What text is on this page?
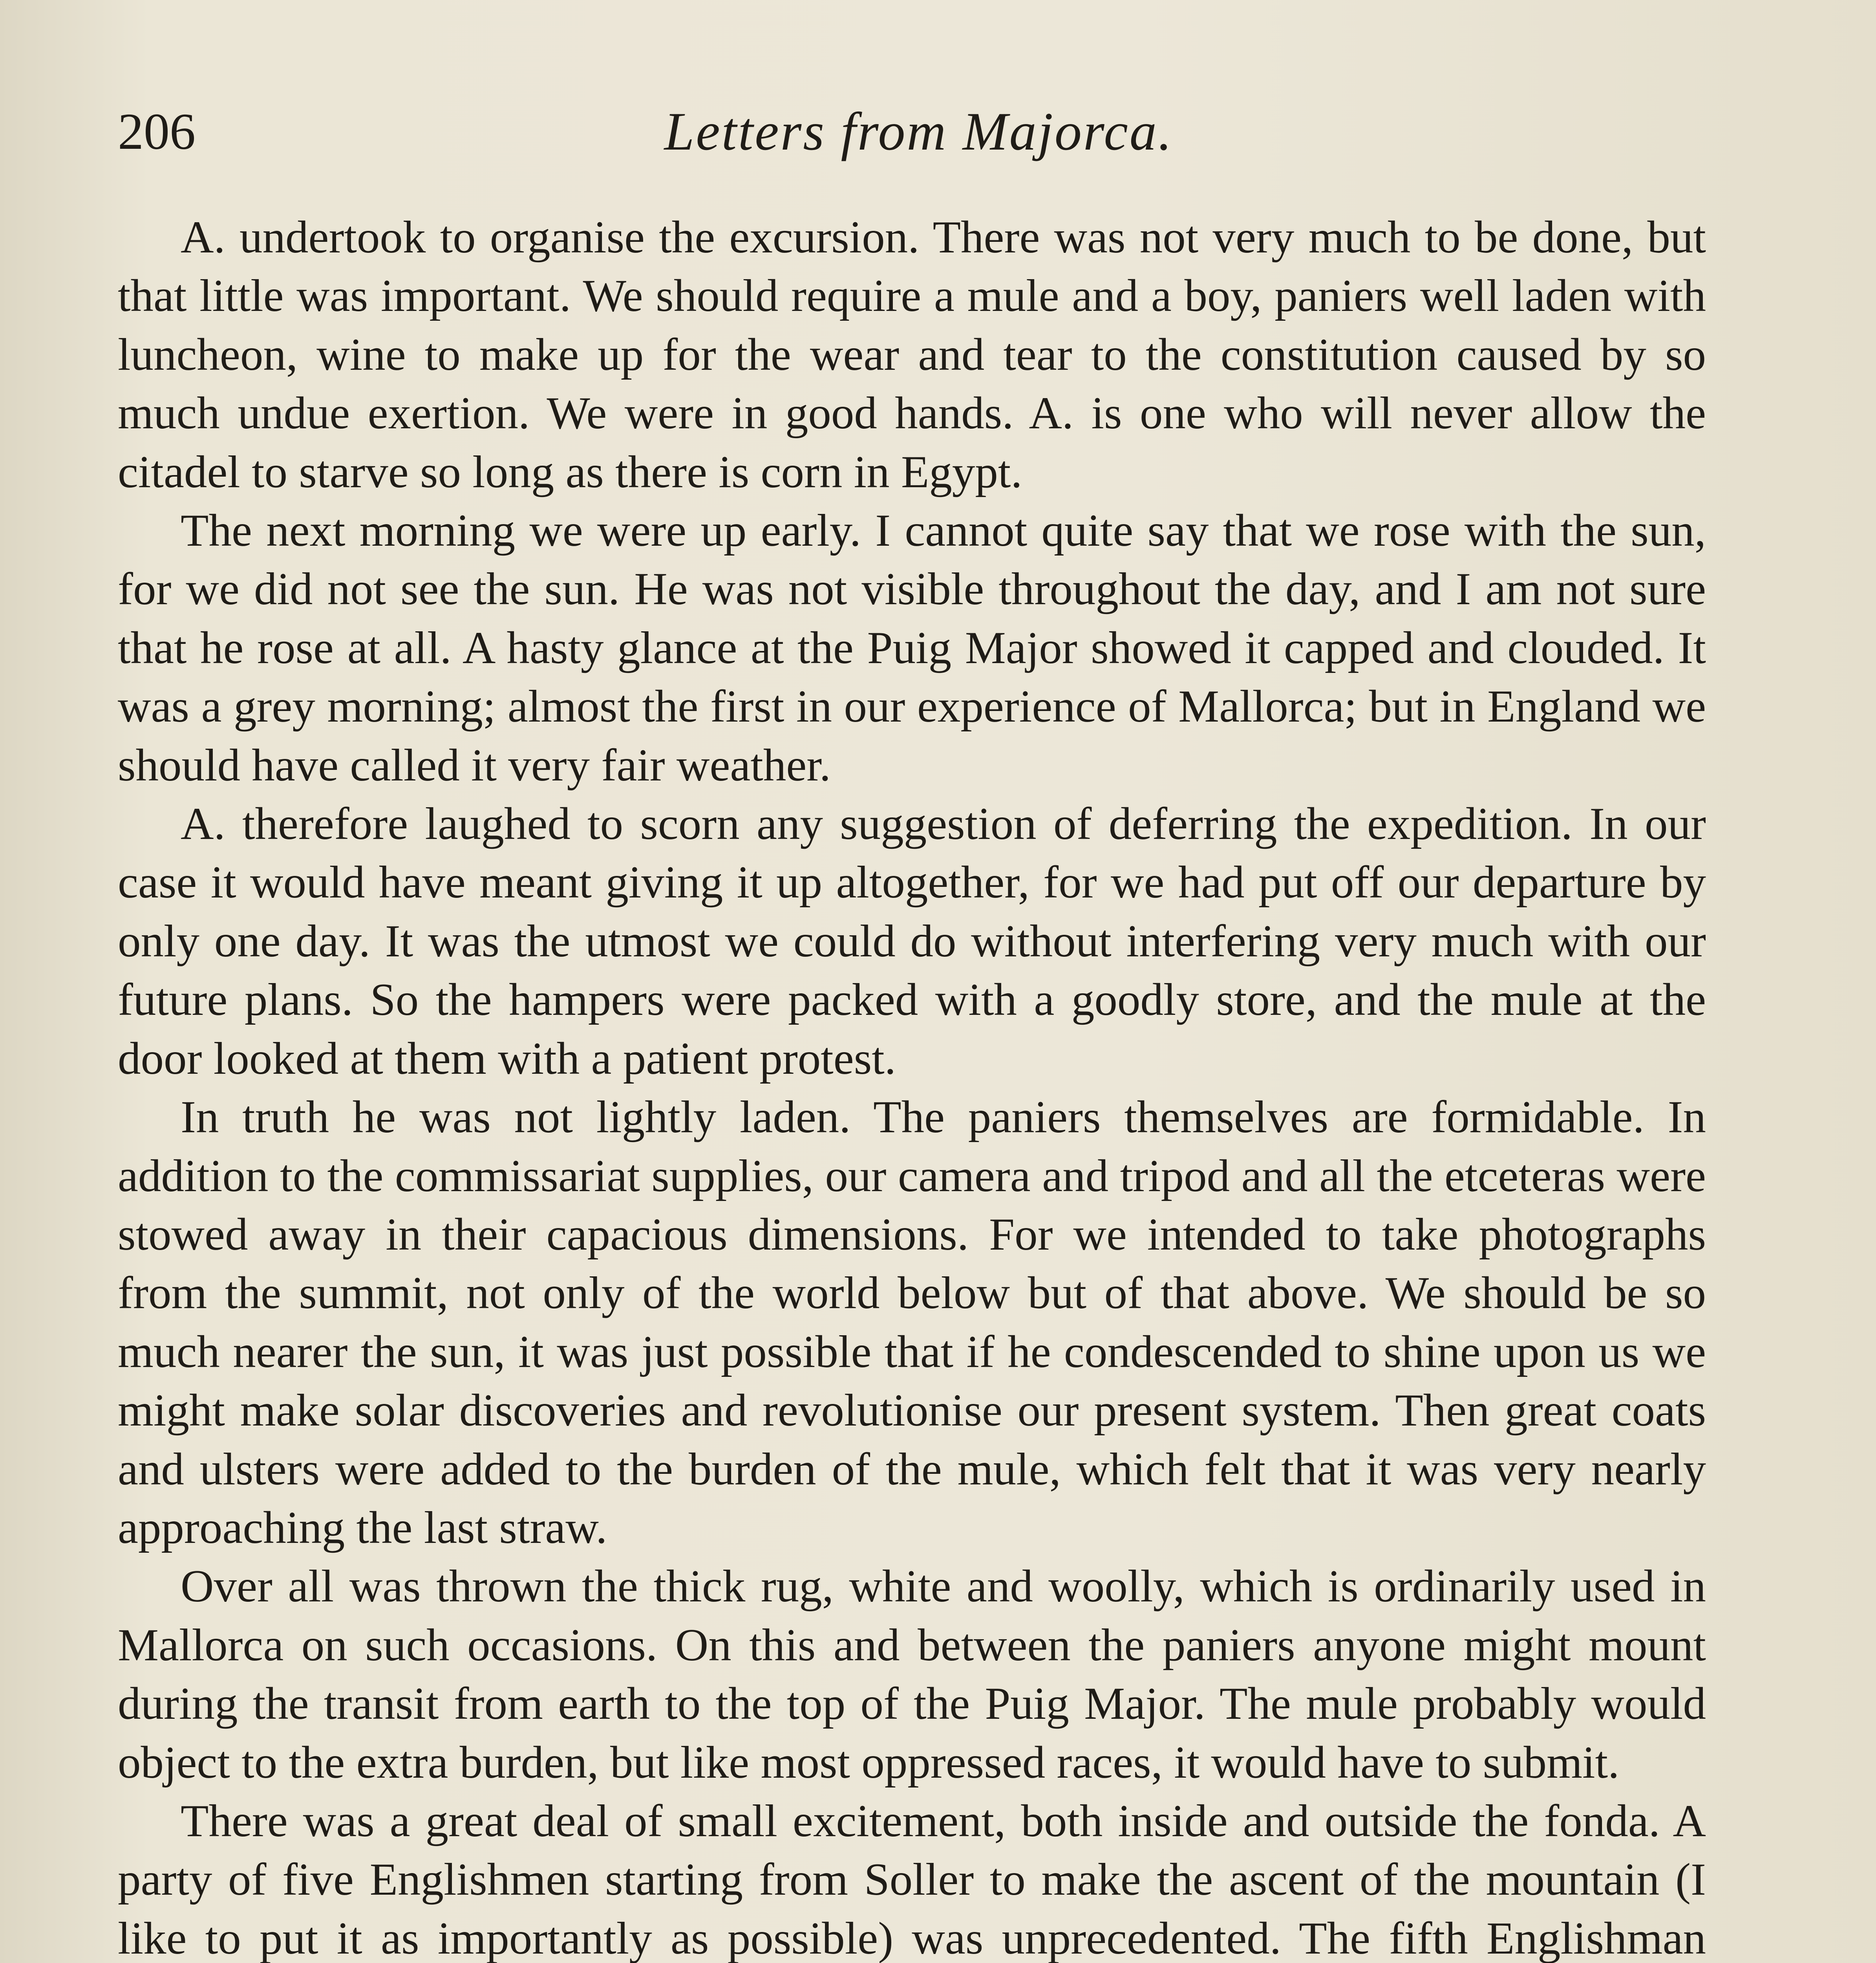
206	Letters from Majorca.

A. undertook to organise the excursion. There was not very much to be done, but that little was important. We should require a mule and a boy, paniers well laden with luncheon, wine to make up for the wear and tear to the constitution caused by so much undue exertion. We were in good hands. A. is one who will never allow the citadel to starve so long as there is corn in Egypt.

The next morning we were up early. I cannot quite say that we rose with the sun, for we did not see the sun. He was not visible throughout the day, and I am not sure that he rose at all. A hasty glance at the Puig Major showed it capped and clouded. It was a grey morning; almost the first in our experience of Mallorca; but in England we should have called it very fair weather.

A. therefore laughed to scorn any suggestion of deferring the expedition. In our case it would have meant giving it up altogether, for we had put off our departure by only one day. It was the utmost we could do without interfering very much with our future plans. So the hampers were packed with a goodly store, and the mule at the door looked at them with a patient protest.

In truth he was not lightly laden. The paniers themselves are formidable. In addition to the commissariat supplies, our camera and tripod and all the etceteras were stowed away in their capacious dimensions. For we intended to take photographs from the summit, not only of the world below but of that above. We should be so much nearer the sun, it was just possible that if he condescended to shine upon us we might make solar discoveries and revolutionise our present system. Then great coats and ulsters were added to the burden of the mule, which felt that it was very nearly approaching the last straw.

Over all was thrown the thick rug, white and woolly, which is ordinarily used in Mallorca on such occasions. On this and between the paniers anyone might mount during the transit from earth to the top of the Puig Major. The mule probably would object to the extra burden, but like most oppressed races, it would have to submit.

There was a great deal of small excitement, both inside and outside the fonda. A party of five Englishmen starting from Soller to make the ascent of the mountain (I like to put it as importantly as possible) was unprecedented. The fifth Englishman
